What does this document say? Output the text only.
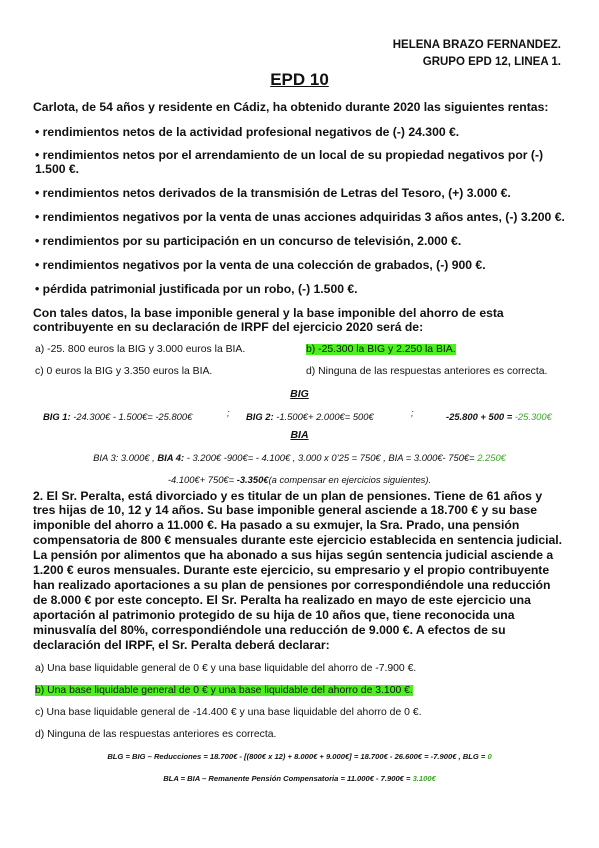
HELENA BRAZO FERNANDEZ.
GRUPO EPD 12, LINEA 1.
EPD 10
Carlota, de 54 años y residente en Cádiz, ha obtenido durante 2020 las siguientes rentas:
• rendimientos netos de la actividad profesional negativos de (-) 24.300 €.
• rendimientos netos por el arrendamiento de un local de su propiedad negativos por (-)
1.500 €.
• rendimientos netos derivados de la transmisión de Letras del Tesoro, (+) 3.000 €.
• rendimientos negativos por la venta de unas acciones adquiridas 3 años antes, (-) 3.200 €.
• rendimientos por su participación en un concurso de televisión, 2.000 €.
• rendimientos negativos por la venta de una colección de grabados, (-) 900 €.
• pérdida patrimonial justificada por un robo, (-) 1.500 €.
Con tales datos, la base imponible general y la base imponible del ahorro de esta
contribuyente en su declaración de IRPF del ejercicio 2020 será de:
a) -25. 800 euros la BIG y 3.000 euros la BIA.	b) -25.300 la BIG y 2.250 la BIA.
c) 0 euros la BIG y 3.350 euros la BIA.	d) Ninguna de las respuestas anteriores es correcta.
BIG
BIG 1: -24.300€ - 1.500€= -25.800€	; BIG 2: -1.500€+ 2.000€= 500€	;	-25.800 + 500 = -25.300€
BIA
BIA 3: 3.000€ , BIA 4: - 3.200€ -900€= - 4.100€ , 3.000 x 0’25 = 750€ , BIA = 3.000€- 750€= 2.250€
-4.100€+ 750€= -3.350€(a compensar en ejercicios siguientes).
2. El Sr. Peralta, está divorciado y es titular de un plan de pensiones. Tiene de 61 años y
tres hijas de 10, 12 y 14 años. Su base imponible general asciende a 18.700 € y su base
imponible del ahorro a 11.000 €. Ha pasado a su exmujer, la Sra. Prado, una pensión
compensatoria de 800 € mensuales durante este ejercicio establecida en sentencia judicial.
La pensión por alimentos que ha abonado a sus hijas según sentencia judicial asciende a
1.200 € euros mensuales. Durante este ejercicio, su empresario y el propio contribuyente
han realizado aportaciones a su plan de pensiones por correspondiéndole una reducción
de 8.000 € por este concepto. El Sr. Peralta ha realizado en mayo de este ejercicio una
aportación al patrimonio protegido de su hija de 10 años que, tiene reconocida una
minusvalía del 80%, correspondiéndole una reducción de 9.000 €. A efectos de su
declaración del IRPF, el Sr. Peralta deberá declarar:
a) Una base liquidable general de 0 € y una base liquidable del ahorro de -7.900 €.
b) Una base liquidable general de 0 € y una base liquidable del ahorro de 3.100 €.
c) Una base liquidable general de -14.400 € y una base liquidable del ahorro de 0 €.
d) Ninguna de las respuestas anteriores es correcta.
BLG = BIG – Reducciones = 18.700€ - [(800€ x 12) + 8.000€ + 9.000€] = 18.700€ - 26.600€ = -7.900€ , BLG = 0
BLA = BIA – Remanente Pensión Compensatoria = 11.000€ - 7.900€ = 3.100€
